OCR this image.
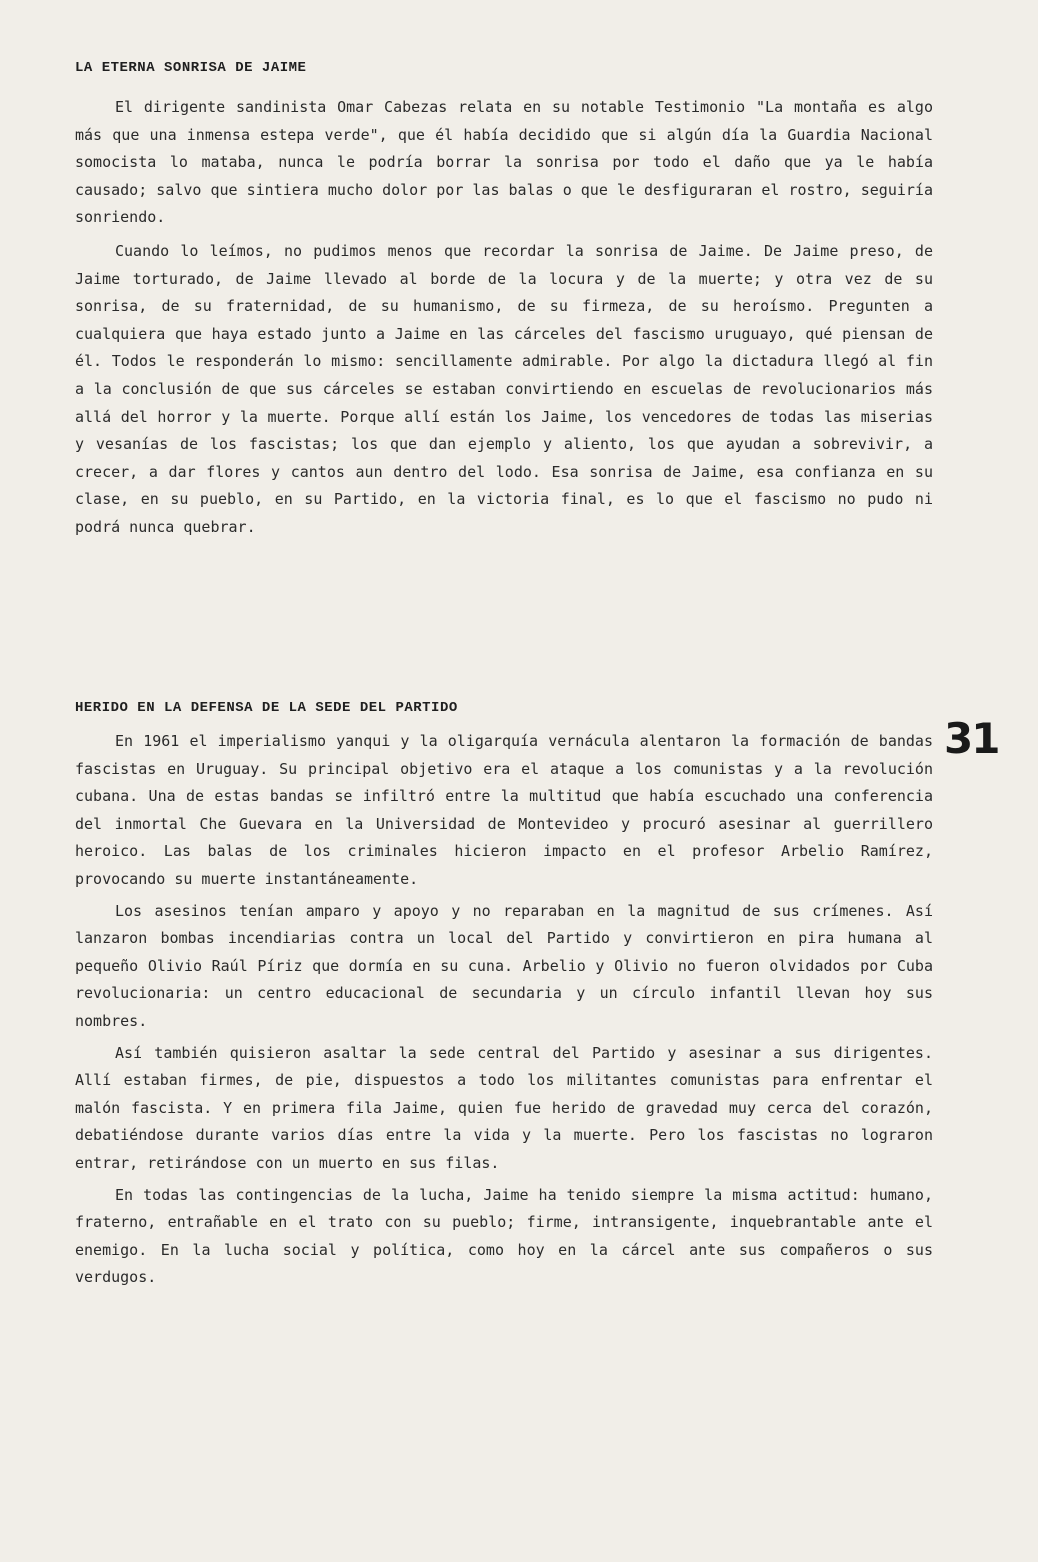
LA ETERNA SONRISA DE JAIME

El dirigente sandinista Omar Cabezas relata en su notable Testimonio "La montaña es algo más que una inmensa estepa verde", que él había decidido que si algún día la Guardia Nacional somocista lo mataba, nunca le podría borrar la sonrisa por todo el daño que ya le había causado; salvo que sintiera mucho dolor por las balas o que le desfiguraran el rostro, seguiría sonriendo.

Cuando lo leímos, no pudimos menos que recordar la sonrisa de Jaime. De Jaime preso, de Jaime torturado, de Jaime llevado al borde de la locura y de la muerte; y otra vez de su sonrisa, de su fraternidad, de su humanismo, de su firmeza, de su heroísmo. Pregunten a cualquiera que haya estado junto a Jaime en las cárceles del fascismo uruguayo, qué piensan de él. Todos le responderán lo mismo: sencillamente admirable. Por algo la dictadura llegó al fin a la conclusión de que sus cárceles se estaban convirtiendo en escuelas de revolucionarios más allá del horror y la muerte. Porque allí están los Jaime, los vencedores de todas las miserias y vesanías de los fascistas; los que dan ejemplo y aliento, los que ayudan a sobrevivir, a crecer, a dar flores y cantos aun dentro del lodo. Esa sonrisa de Jaime, esa confianza en su clase, en su pueblo, en su Partido, en la victoria final, es lo que el fascismo no pudo ni podrá nunca quebrar.

HERIDO EN LA DEFENSA DE LA SEDE DEL PARTIDO

En 1961 el imperialismo yanqui y la oligarquía vernácula alentaron la formación de bandas fascistas en Uruguay. Su principal objetivo era el ataque a los comunistas y a la revolución cubana. Una de estas bandas se infiltró entre la multitud que había escuchado una conferencia del inmortal Che Guevara en la Universidad de Montevideo y procuró asesinar al guerrillero heroico. Las balas de los criminales hicieron impacto en el profesor Arbelio Ramírez, provocando su muerte instantáneamente.

Los asesinos tenían amparo y apoyo y no reparaban en la magnitud de sus crímenes. Así lanzaron bombas incendiarias contra un local del Partido y convirtieron en pira humana al pequeño Olivio Raúl Píriz que dormía en su cuna. Arbelio y Olivio no fueron olvidados por Cuba revolucionaria: un centro educacional de secundaria y un círculo infantil llevan hoy sus nombres.

Así también quisieron asaltar la sede central del Partido y asesinar a sus dirigentes. Allí estaban firmes, de pie, dispuestos a todo los militantes comunistas para enfrentar el malón fascista. Y en primera fila Jaime, quien fue herido de gravedad muy cerca del corazón, debatiéndose durante varios días entre la vida y la muerte. Pero los fascistas no lograron entrar, retirándose con un muerto en sus filas.

En todas las contingencias de la lucha, Jaime ha tenido siempre la misma actitud: humano, fraterno, entrañable en el trato con su pueblo; firme, intransigente, inquebrantable ante el enemigo. En la lucha social y política, como hoy en la cárcel ante sus compañeros o sus verdugos.

31
